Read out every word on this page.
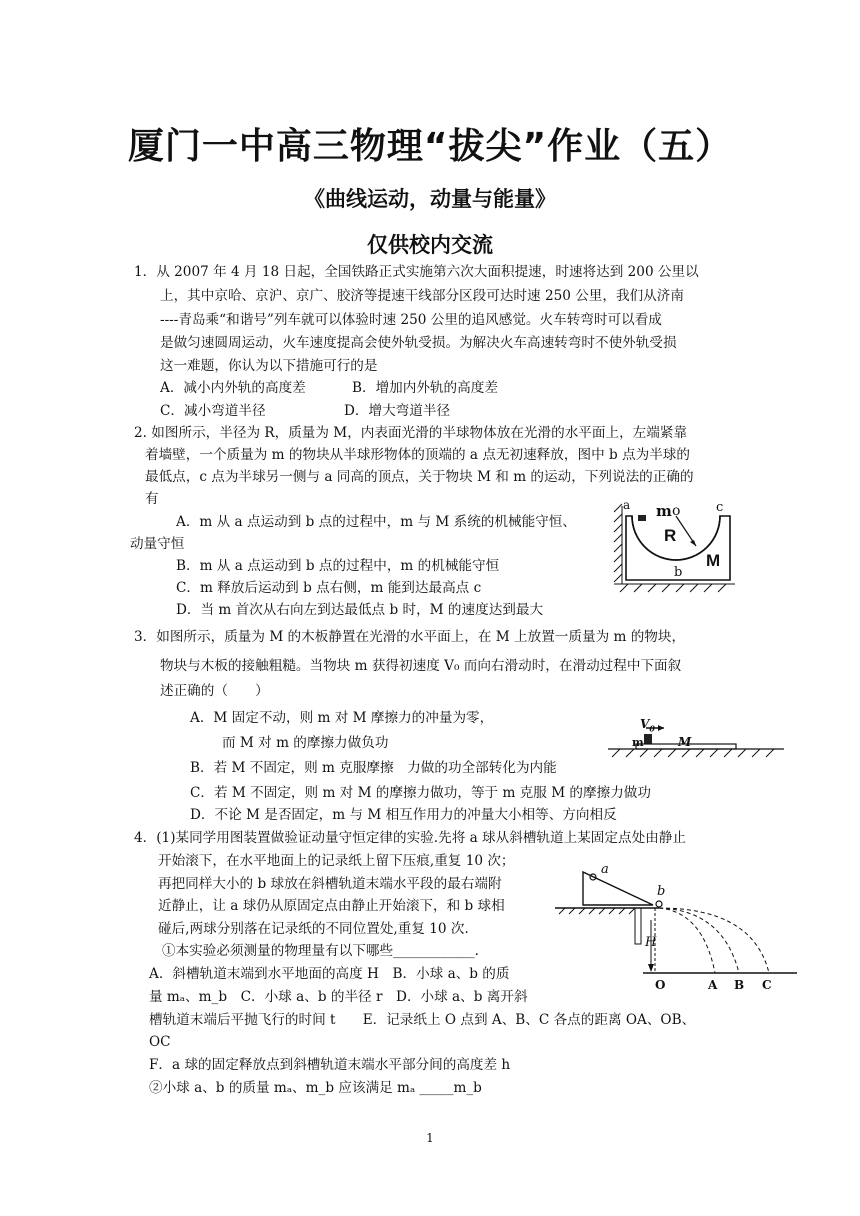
厦门一中高三物理“拔尖”作业（五）
《曲线运动，动量与能量》
仅供校内交流
1．从 2007 年 4 月 18 日起，全国铁路正式实施第六次大面积提速，时速将达到 200 公里以
上，其中京哈、京沪、京广、胶济等提速干线部分区段可达时速 250 公里，我们从济南
----青岛乘“和谐号”列车就可以体验时速 250 公里的追风感觉。火车转弯时可以看成
是做匀速圆周运动，火车速度提高会使外轨受损。为解决火车高速转弯时不使外轨受损
这一难题，你认为以下措施可行的是
A．减小内外轨的高度差	B．增加内外轨的高度差
C．减小弯道半径	D．增大弯道半径
2. 如图所示，半径为 R，质量为 M，内表面光滑的半球物体放在光滑的水平面上，左端紧靠
着墙壁，一个质量为 m 的物块从半球形物体的顶端的 a 点无初速释放，图中 b 点为半球的
最低点，c 点为半球另一侧与 a 同高的顶点，关于物块 M 和 m 的运动，下列说法的正确的
有
A．m 从 a 点运动到 b 点的过程中，m 与 M 系统的机械能守恒、
动量守恒
B．m 从 a 点运动到 b 点的过程中，m 的机械能守恒
C．m 释放后运动到 b 点右侧，m 能到达最高点 c
D．当 m 首次从右向左到达最低点 b 时，M 的速度达到最大
a m o	c
R
M
b
3．如图所示，质量为 M 的木板静置在光滑的水平面上，在 M 上放置一质量为 m 的物块，
物块与木板的接触粗糙。当物块 m 获得初速度 V₀ 而向右滑动时，在滑动过程中下面叙
述正确的（　　）
A．M 固定不动，则 m 对 M 摩擦力的冲量为零，
而 M 对 m 的摩擦力做负功
B．若 M 不固定，则 m 克服摩擦　力做的功全部转化为内能
C．若 M 不固定，则 m 对 M 的摩擦力做功，等于 m 克服 M 的摩擦力做功
D．不论 M 是否固定，m 与 M 相互作用力的冲量大小相等、方向相反
$V_0$
m	M
4．(1)某同学用图装置做验证动量守恒定律的实验.先将 a 球从斜槽轨道上某固定点处由静止
开始滚下，在水平地面上的记录纸上留下压痕,重复 10 次；
再把同样大小的 b 球放在斜槽轨道末端水平段的最右端附
近静止，让 a 球仍从原固定点由静止开始滚下，和 b 球相
碰后,两球分别落在记录纸的不同位置处,重复 10 次.
①本实验必须测量的物理量有以下哪些____________.
A．斜槽轨道末端到水平地面的高度 H　B．小球 a、b 的质
量 mₐ、m_b　C．小球 a、b 的半径 r　D．小球 a、b 离开斜
槽轨道末端后平抛飞行的时间 t　　E．记录纸上 O 点到 A、B、C 各点的距离 OA、OB、
OC
F．a 球的固定释放点到斜槽轨道末端水平部分间的高度差 h
②小球 a、b 的质量 mₐ、m_b 应该满足 mₐ _____m_b
a
b
H
O	A B C
1
